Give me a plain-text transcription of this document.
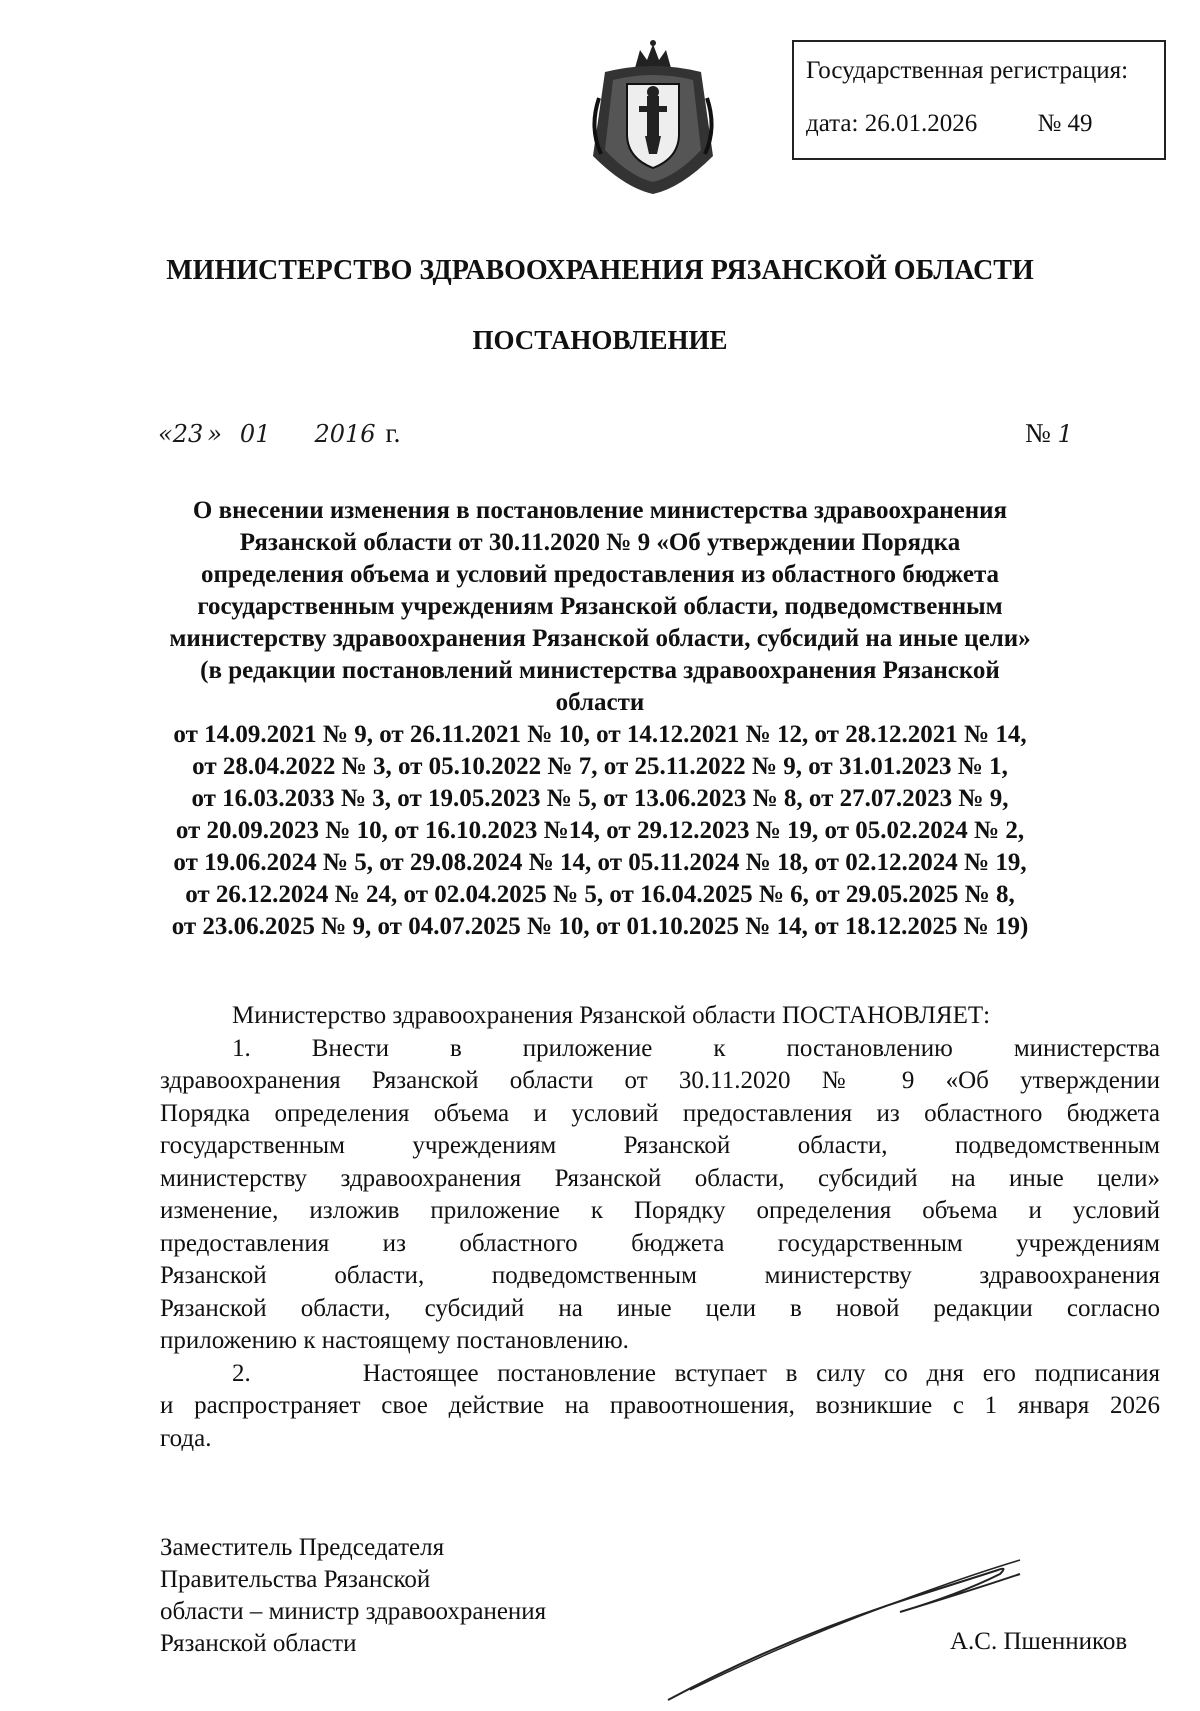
Государственная регистрация:
дата: 26.01.2026 № 49
МИНИСТЕРСТВО ЗДРАВООХРАНЕНИЯ РЯЗАНСКОЙ ОБЛАСТИ
ПОСТАНОВЛЕНИЕ
«23 » 01 2016 г.	№ 1
О внесении изменения в постановление министерства здравоохранения
Рязанской области от 30.11.2020 № 9 «Об утверждении Порядка
определения объема и условий предоставления из областного бюджета
государственным учреждениям Рязанской области, подведомственным
министерству здравоохранения Рязанской области, субсидий на иные цели»
(в редакции постановлений министерства здравоохранения Рязанской
области
от 14.09.2021 № 9, от 26.11.2021 № 10, от 14.12.2021 № 12, от 28.12.2021 № 14,
от 28.04.2022 № 3, от 05.10.2022 № 7, от 25.11.2022 № 9, от 31.01.2023 № 1,
от 16.03.2033 № 3, от 19.05.2023 № 5, от 13.06.2023 № 8, от 27.07.2023 № 9,
от 20.09.2023 № 10, от 16.10.2023 №14, от 29.12.2023 № 19, от 05.02.2024 № 2,
от 19.06.2024 № 5, от 29.08.2024 № 14, от 05.11.2024 № 18, от 02.12.2024 № 19,
от 26.12.2024 № 24, от 02.04.2025 № 5, от 16.04.2025 № 6, от 29.05.2025 № 8,
от 23.06.2025 № 9, от 04.07.2025 № 10, от 01.10.2025 № 14, от 18.12.2025 № 19)
Министерство здравоохранения Рязанской области ПОСТАНОВЛЯЕТ:
1.      Внести      в      приложение      к      постановлению      министерства
здравоохранения Рязанской области от 30.11.2020 № 9 «Об утверждении
Порядка определения объема и условий предоставления из областного бюджета
государственным учреждениям Рязанской области, подведомственным
министерству здравоохранения Рязанской области, субсидий на иные цели»
изменение, изложив приложение к Порядку определения объема и условий
предоставления из областного бюджета государственным учреждениям
Рязанской области, подведомственным министерству здравоохранения
Рязанской области, субсидий на иные цели в новой редакции согласно
приложению к настоящему постановлению.
2.      Настоящее постановление вступает в силу со дня его подписания
и распространяет свое действие на правоотношения, возникшие с 1 января 2026
года.
Заместитель Председателя
Правительства Рязанской
области – министр здравоохранения
Рязанской области	А.С. Пшенников
